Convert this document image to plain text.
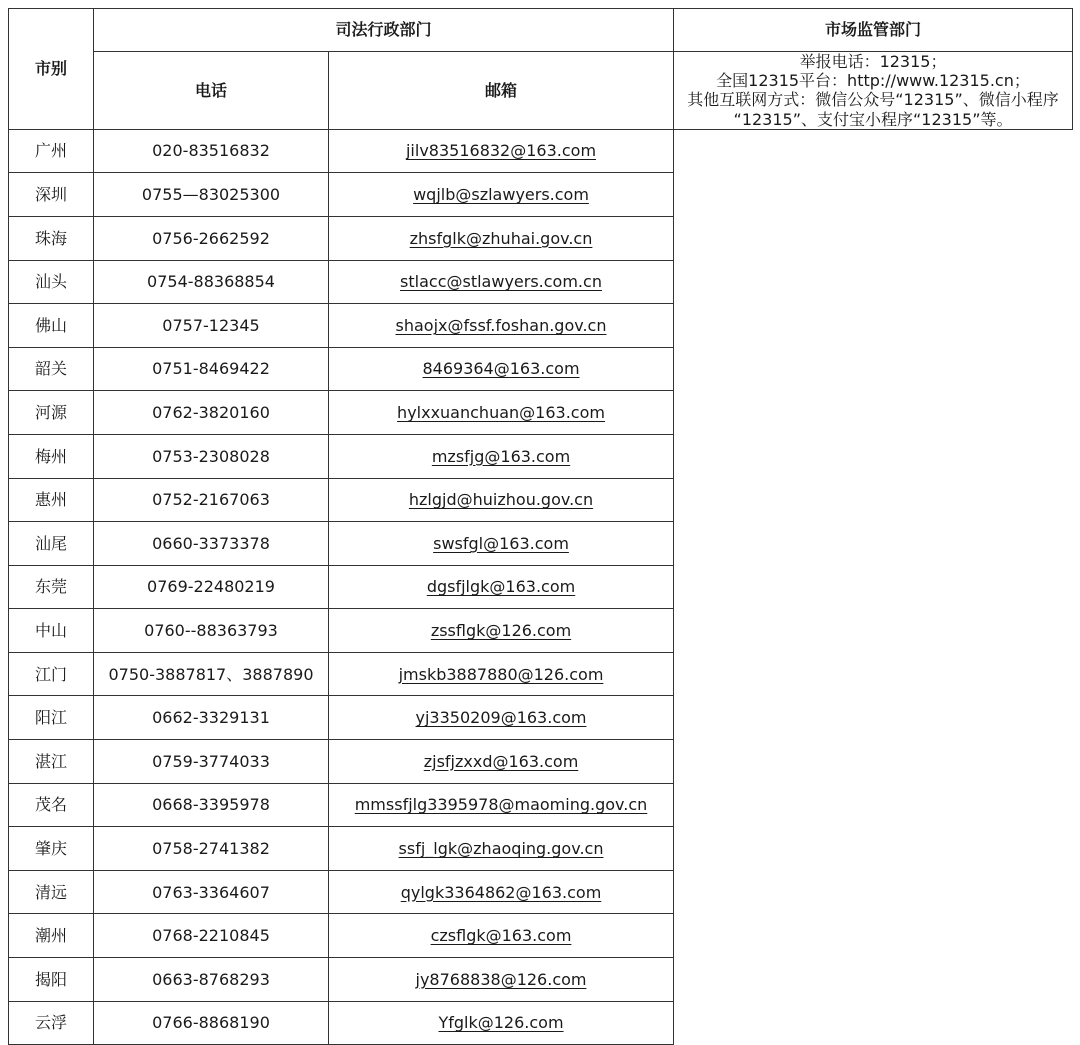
市别	司法行政部门		市场监管部门
	电话	邮箱	举报电话：12315；
全国12315平台：http://www.12315.cn；
其他互联网方式：微信公众号“12315”、微信小程序
“12315”、支付宝小程序“12315”等。

广州	020-83516832	jilv83516832@163.com	
深圳	0755—83025300	wqjlb@szlawyers.com	
珠海	0756-2662592	zhsfglk@zhuhai.gov.cn	
汕头	0754-88368854	stlacc@stlawyers.com.cn	
佛山	0757-12345	shaojx@fssf.foshan.gov.cn	
韶关	0751-8469422	8469364@163.com	
河源	0762-3820160	hylxxuanchuan@163.com	
梅州	0753-2308028	mzsfjg@163.com	
惠州	0752-2167063	hzlgjd@huizhou.gov.cn	
汕尾	0660-3373378	swsfgl@163.com	
东莞	0769-22480219	dgsfjlgk@163.com	
中山	0760--88363793	zssflgk@126.com	
江门	0750-3887817、3887890	jmskb3887880@126.com	
阳江	0662-3329131	yj3350209@163.com	
湛江	0759-3774033	zjsfjzxxd@163.com	
茂名	0668-3395978	mmssfjlg3395978@maoming.gov.cn	
肇庆	0758-2741382	ssfj_lgk@zhaoqing.gov.cn	
清远	0763-3364607	qylgk3364862@163.com	
潮州	0768-2210845	czsflgk@163.com	
揭阳	0663-8768293	jy8768838@126.com	
云浮	0766-8868190	Yfglk@126.com	
